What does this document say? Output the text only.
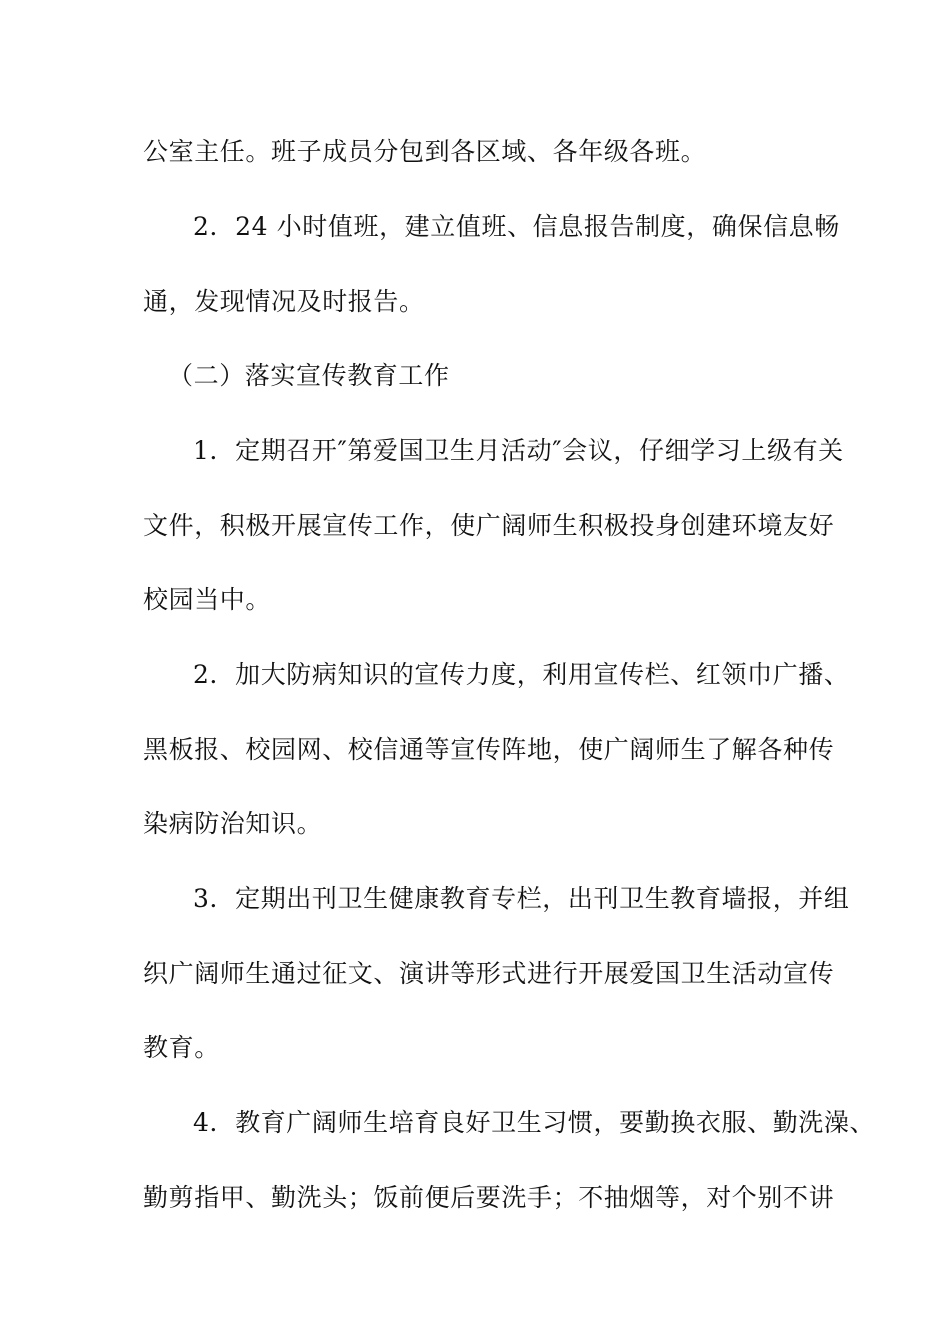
公室主任。班子成员分包到各区域、各年级各班。
2．24 小时值班，建立值班、信息报告制度，确保信息畅
通，发现情况及时报告。
（二）落实宣传教育工作
1．定期召开″第爱国卫生月活动″会议，仔细学习上级有关
文件，积极开展宣传工作，使广阔师生积极投身创建环境友好
校园当中。
2．加大防病知识的宣传力度，利用宣传栏、红领巾广播、
黑板报、校园网、校信通等宣传阵地，使广阔师生了解各种传
染病防治知识。
3．定期出刊卫生健康教育专栏，出刊卫生教育墙报，并组
织广阔师生通过征文、演讲等形式进行开展爱国卫生活动宣传
教育。
4．教育广阔师生培育良好卫生习惯，要勤换衣服、勤洗澡、
勤剪指甲、勤洗头；饭前便后要洗手；不抽烟等，对个别不讲
